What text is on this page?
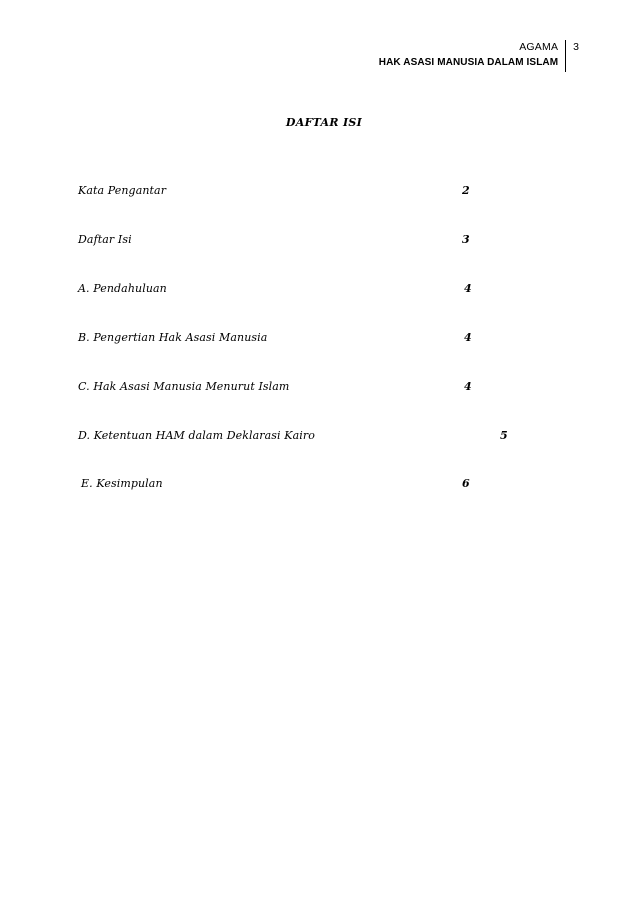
AGAMA
HAK ASASI MANUSIA DALAM ISLAM
3
DAFTAR ISI
Kata Pengantar	2
Daftar Isi	3
A. Pendahuluan	4
B. Pengertian Hak Asasi Manusia	4
C. Hak Asasi Manusia Menurut Islam	4
D. Ketentuan HAM dalam Deklarasi Kairo	5
E. Kesimpulan	6
